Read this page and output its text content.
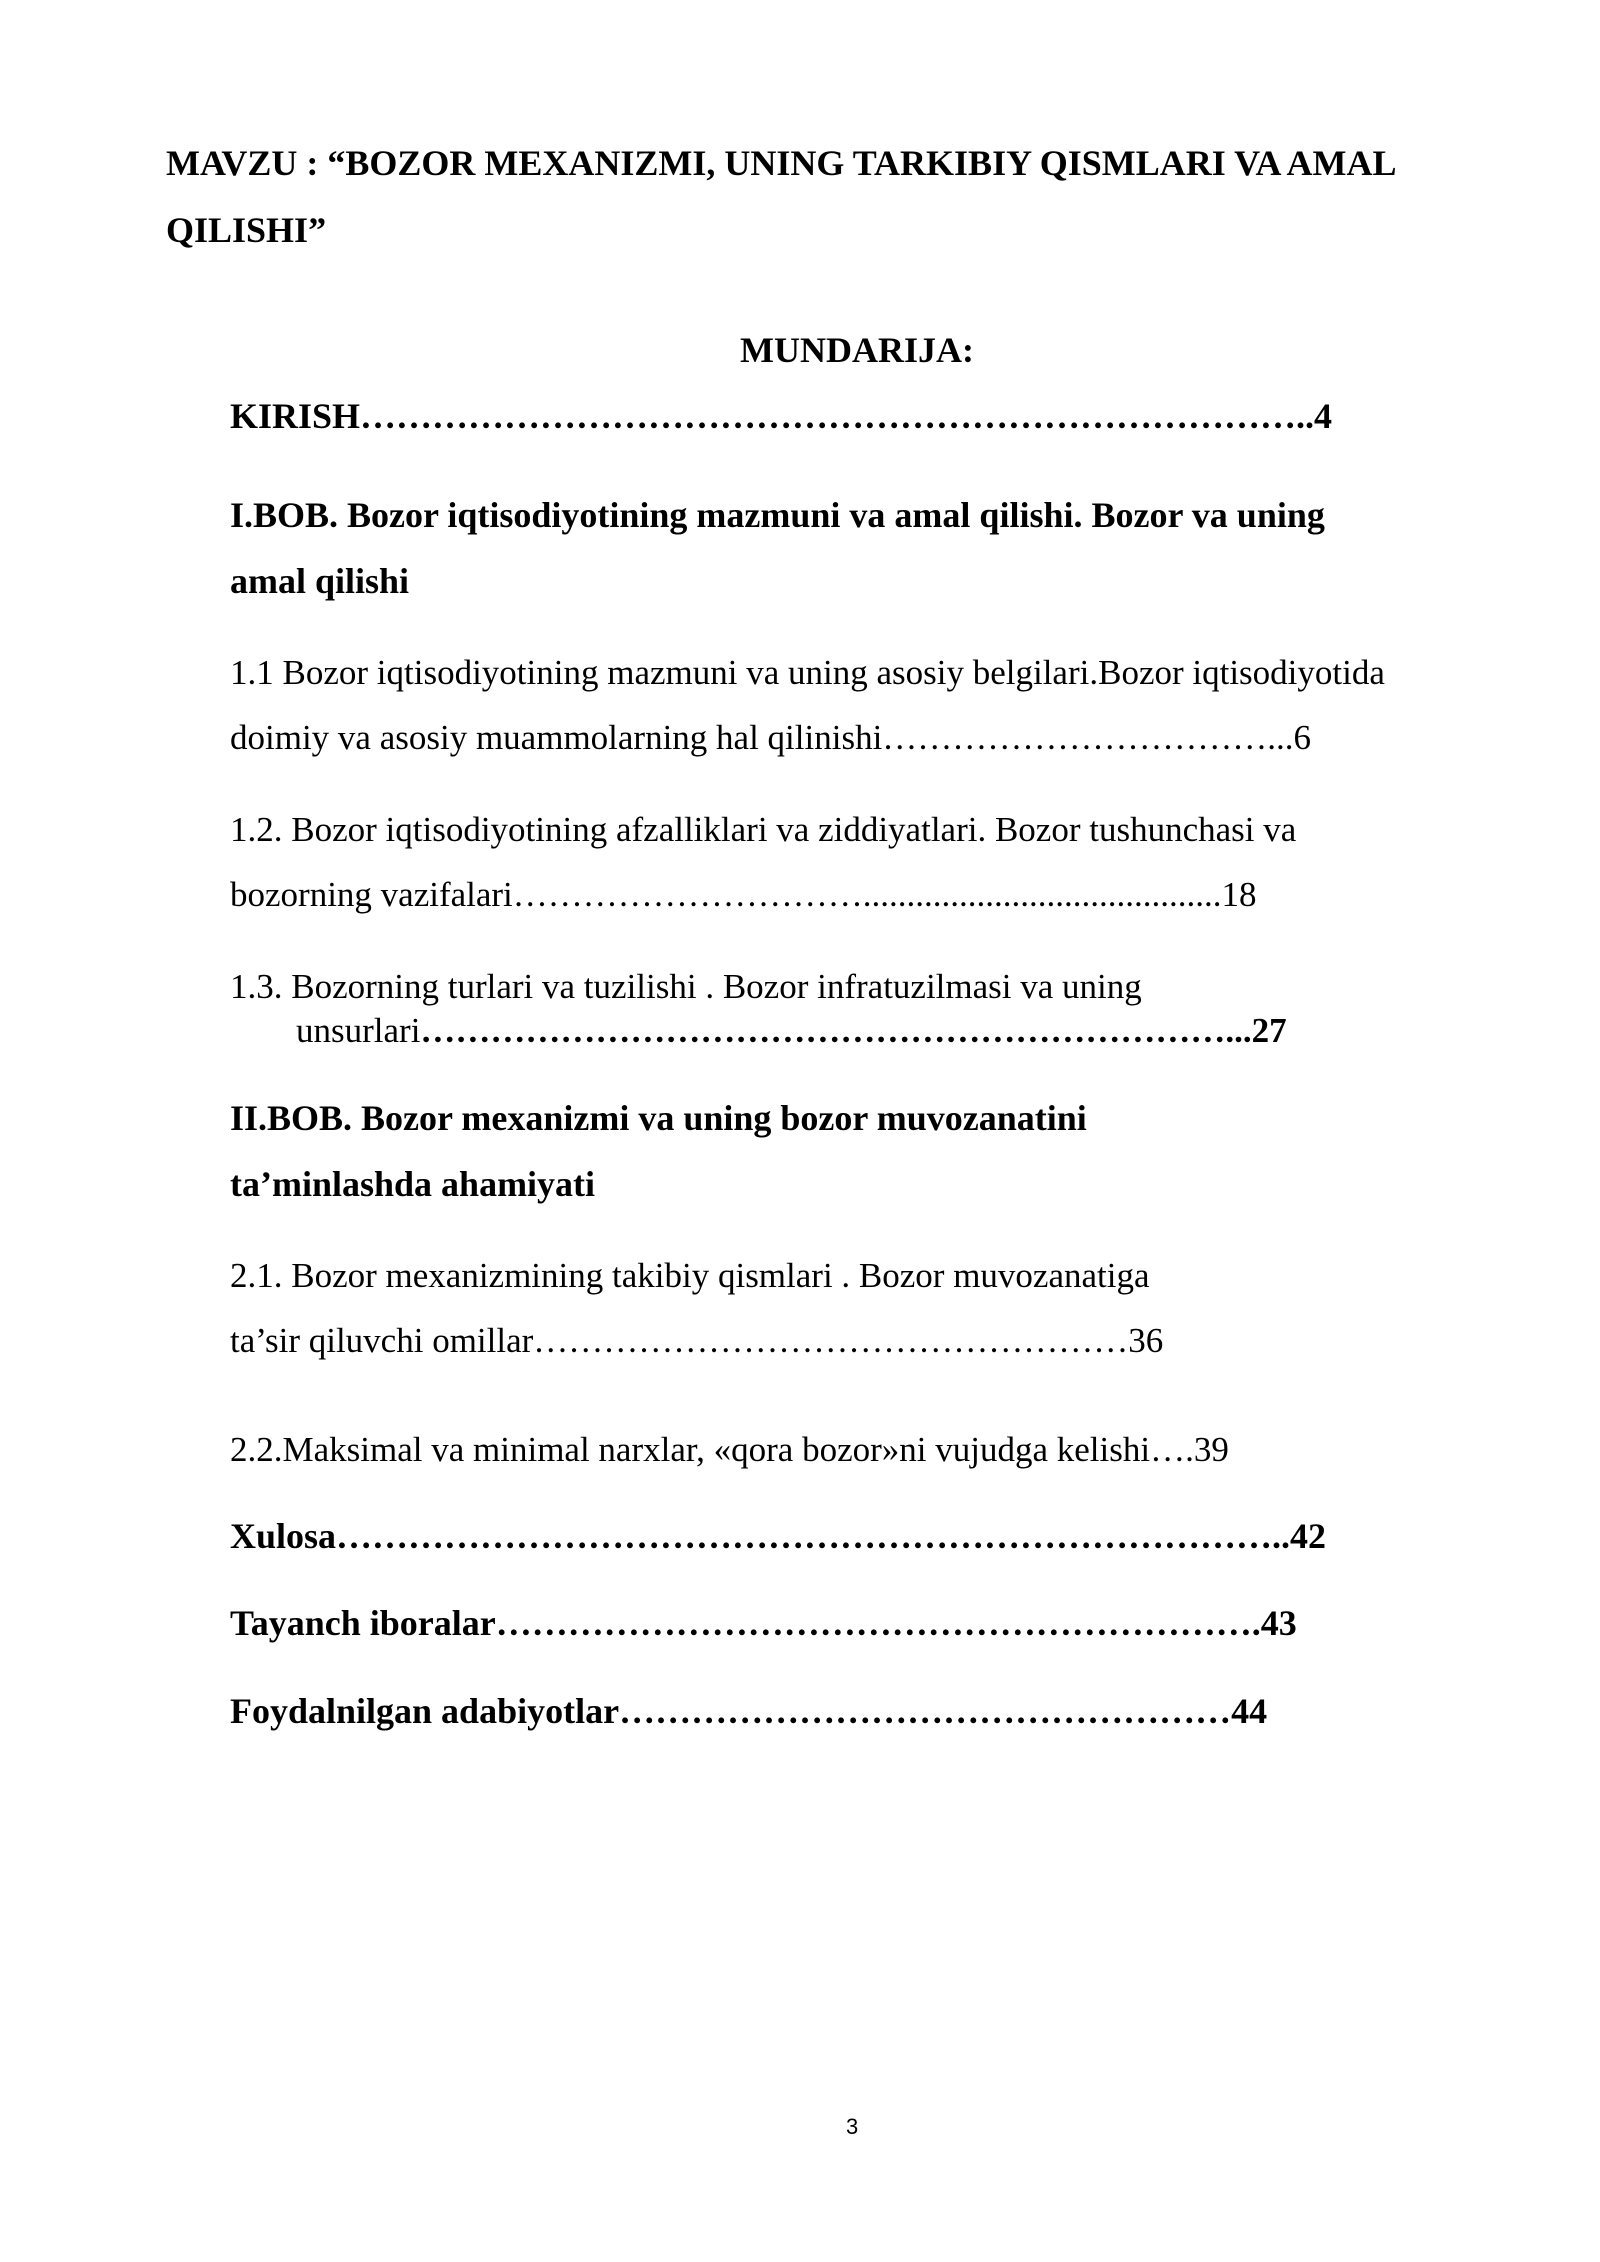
MAVZU : “BOZOR MEXANIZMI, UNING TARKIBIY QISMLARI VA AMAL
QILISHI”
MUNDARIJA:
KIRISH……………………………………………………………………..4
I.BOB. Bozor iqtisodiyotining mazmuni va amal qilishi. Bozor va uning
amal qilishi
1.1 Bozor iqtisodiyotining mazmuni va uning asosiy belgilari.Bozor iqtisodiyotida
doimiy va asosiy muammolarning hal qilinishi……………………………...6
1.2. Bozor iqtisodiyotining afzalliklari va ziddiyatlari. Bozor tushunchasi va
bozorning vazifalari………………………….........................................18
1.3. Bozorning turlari va tuzilishi . Bozor infratuzilmasi va uning
unsurlari……………………………………………………………...27
II.BOB. Bozor mexanizmi va uning bozor muvozanatini
ta’minlashda ahamiyati
2.1. Bozor mexanizmining takibiy qismlari . Bozor muvozanatiga
ta’sir qiluvchi omillar……………………………………………36
2.2.Maksimal va minimal narxlar, «qora bozor»ni vujudga kelishi….39
Xulosa……………………………………………………………………..42
Tayanch iboralar……………………………………………………….43
Foydalnilgan adabiyotlar……………………………………………44
3
